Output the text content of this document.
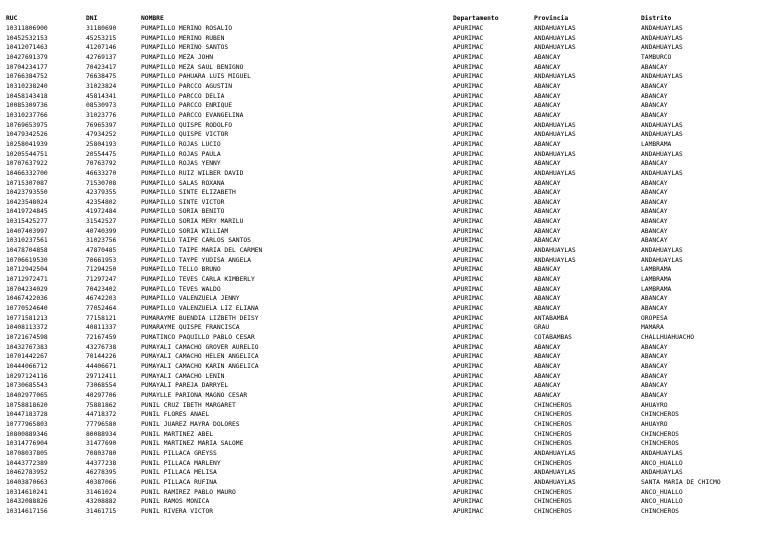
RUC	DNI	NOMBRE	Departamento	Provincia	Distrito
10311806900	31180690	PUMAPILLO MERINO ROSALIO	APURIMAC	ANDAHUAYLAS	ANDAHUAYLAS
10452532153	45253215	PUMAPILLO MERINO RUBEN	APURIMAC	ANDAHUAYLAS	ANDAHUAYLAS
10412071463	41207146	PUMAPILLO MERINO SANTOS	APURIMAC	ANDAHUAYLAS	ANDAHUAYLAS
10427691379	42769137	PUMAPILLO MEZA JOHN	APURIMAC	ABANCAY	TAMBURCO
10704234177	70423417	PUMAPILLO MEZA SAUL BENIGNO	APURIMAC	ABANCAY	ABANCAY
10766384752	76638475	PUMAPILLO PAHUARA LUIS MIGUEL	APURIMAC	ANDAHUAYLAS	ANDAHUAYLAS
10310238240	31023824	PUMAPILLO PARCCO AGUSTIN	APURIMAC	ABANCAY	ABANCAY
10458143418	45814341	PUMAPILLO PARCCO DELIA	APURIMAC	ABANCAY	ABANCAY
10085309736	08530973	PUMAPILLO PARCCO ENRIQUE	APURIMAC	ABANCAY	ABANCAY
10310237766	31023776	PUMAPILLO PARCCO EVANGELINA	APURIMAC	ABANCAY	ABANCAY
10769653975	76965397	PUMAPILLO QUISPE RODOLFO	APURIMAC	ANDAHUAYLAS	ANDAHUAYLAS
10479342526	47934252	PUMAPILLO QUISPE VICTOR	APURIMAC	ANDAHUAYLAS	ANDAHUAYLAS
10258041939	25804193	PUMAPILLO ROJAS LUCIO	APURIMAC	ABANCAY	LAMBRAMA
10205544751	20554475	PUMAPILLO ROJAS PAULA	APURIMAC	ANDAHUAYLAS	ANDAHUAYLAS
10707637922	70763792	PUMAPILLO ROJAS YENNY	APURIMAC	ABANCAY	ABANCAY
10466332700	46633270	PUMAPILLO RUIZ WILBER DAVID	APURIMAC	ANDAHUAYLAS	ANDAHUAYLAS
10715307087	71530708	PUMAPILLO SALAS ROXANA	APURIMAC	ABANCAY	ABANCAY
10423793550	42379355	PUMAPILLO SINTE ELIZABETH	APURIMAC	ABANCAY	ABANCAY
10423548024	42354802	PUMAPILLO SINTE VICTOR	APURIMAC	ABANCAY	ABANCAY
10419724845	41972484	PUMAPILLO SORIA BENITO	APURIMAC	ABANCAY	ABANCAY
10315425277	31542527	PUMAPILLO SORIA MERY MARILU	APURIMAC	ABANCAY	ABANCAY
10407403997	40740399	PUMAPILLO SORIA WILLIAM	APURIMAC	ABANCAY	ABANCAY
10310237561	31023756	PUMAPILLO TAIPE CARLOS SANTOS	APURIMAC	ABANCAY	ABANCAY
10478704858	47870485	PUMAPILLO TAIPE MARIA DEL CARMEN	APURIMAC	ANDAHUAYLAS	ANDAHUAYLAS
10706619530	70661953	PUMAPILLO TAYPE YUDISA ANGELA	APURIMAC	ANDAHUAYLAS	ANDAHUAYLAS
10712942504	71294250	PUMAPILLO TELLO BRUNO	APURIMAC	ABANCAY	LAMBRAMA
10712972471	71297247	PUMAPILLO TEVES CARLA KIMBERLY	APURIMAC	ABANCAY	LAMBRAMA
10704234029	70423402	PUMAPILLO TEVES WALDO	APURIMAC	ABANCAY	LAMBRAMA
10467422036	46742203	PUMAPILLO VALENZUELA JENNY	APURIMAC	ABANCAY	ABANCAY
10770524640	77052464	PUMAPILLO VALENZUELA LIZ ELIANA	APURIMAC	ABANCAY	ABANCAY
10771581213	77158121	PUMARAYME BUENDIA LIZBETH DEISY	APURIMAC	ANTABAMBA	OROPESA
10408113372	40811337	PUMARAYME QUISPE FRANCISCA	APURIMAC	GRAU	MAMARA
10721674598	72167459	PUMATINCO PAQUILLO PABLO CESAR	APURIMAC	COTABAMBAS	CHALLHUAHUACHO
10432767383	43276738	PUMAYALI CAMACHO GROVER AURELIO	APURIMAC	ABANCAY	ABANCAY
10701442267	70144226	PUMAYALI CAMACHO HELEN ANGELICA	APURIMAC	ABANCAY	ABANCAY
10444066712	44406671	PUMAYALI CAMACHO KARIN ANGELICA	APURIMAC	ABANCAY	ABANCAY
10297124116	29712411	PUMAYALI CAMACHO LENIN	APURIMAC	ABANCAY	ABANCAY
10730685543	73068554	PUMAYALI PAREJA DARRYEL	APURIMAC	ABANCAY	ABANCAY
10402977065	40297706	PUMAYLLE PARIONA MAGNO CESAR	APURIMAC	ABANCAY	ABANCAY
10758818620	75881862	PUNIL CRUZ IBETH MARGARET	APURIMAC	CHINCHEROS	AHUAYRO
10447183728	44718372	PUNIL FLORES ANAEL	APURIMAC	CHINCHEROS	CHINCHEROS
10777965803	77796580	PUNIL JUAREZ MAYRA DOLORES	APURIMAC	CHINCHEROS	AHUAYRO
10800889346	80088934	PUNIL MARTINEZ ABEL	APURIMAC	CHINCHEROS	CHINCHEROS
10314776904	31477690	PUNIL MARTINEZ MARIA SALOME	APURIMAC	CHINCHEROS	CHINCHEROS
10708037805	70803780	PUNIL PILLACA GREYSS	APURIMAC	ANDAHUAYLAS	ANDAHUAYLAS
10443772389	44377238	PUNIL PILLACA MARLENY	APURIMAC	CHINCHEROS	ANCO_HUALLO
10462783952	46278395	PUNIL PILLACA MELISA	APURIMAC	ANDAHUAYLAS	ANDAHUAYLAS
10403870663	40387066	PUNIL PILLACA RUFINA	APURIMAC	ANDAHUAYLAS	SANTA MARIA DE CHICMO
10314610241	31461024	PUNIL RAMIREZ PABLO MAURO	APURIMAC	CHINCHEROS	ANCO_HUALLO
10432088826	43208882	PUNIL RAMOS MONICA	APURIMAC	CHINCHEROS	ANCO_HUALLO
10314617156	31461715	PUNIL RIVERA VICTOR	APURIMAC	CHINCHEROS	CHINCHEROS
